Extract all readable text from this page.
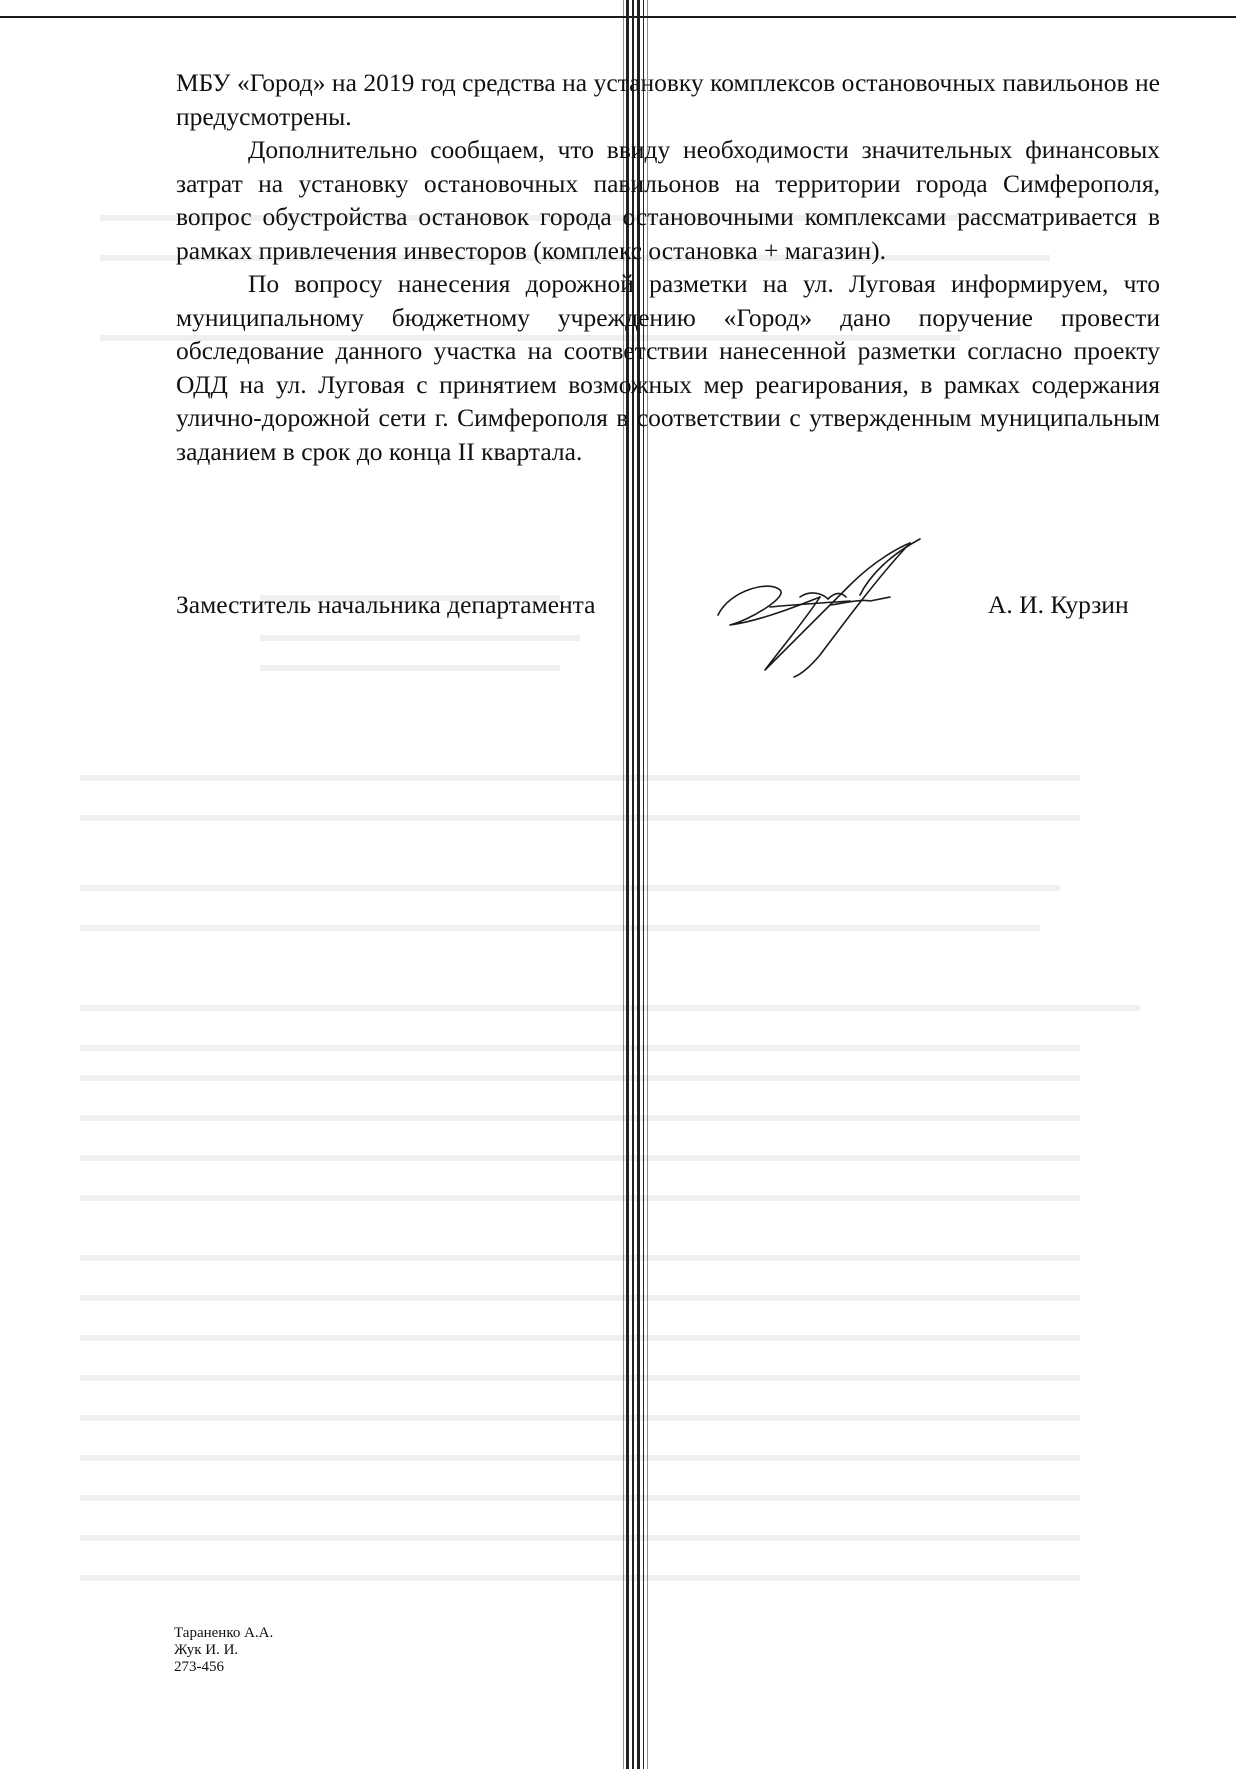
МБУ «Город» на 2019 год средства на установку комплексов остановочных павильонов не предусмотрены.

Дополнительно сообщаем, что ввиду необходимости значительных финансовых затрат на установку остановочных павильонов на территории города Симферополя, вопрос обустройства остановок города остановочными комплексами рассматривается в рамках привлечения инвесторов (комплекс остановка + магазин).

По вопросу нанесения дорожной разметки на ул. Луговая информируем, что муниципальному бюджетному учреждению «Город» дано поручение провести обследование данного участка на соответствии нанесенной разметки согласно проекту ОДД на ул. Луговая с принятием возможных мер реагирования, в рамках содержания улично-дорожной сети г. Симферополя в соответствии с утвержденным муниципальным заданием в срок до конца II квартала.

Заместитель начальника департамента	А. И. Курзин
Тараненко А.А.
Жук И. И.
273-456
